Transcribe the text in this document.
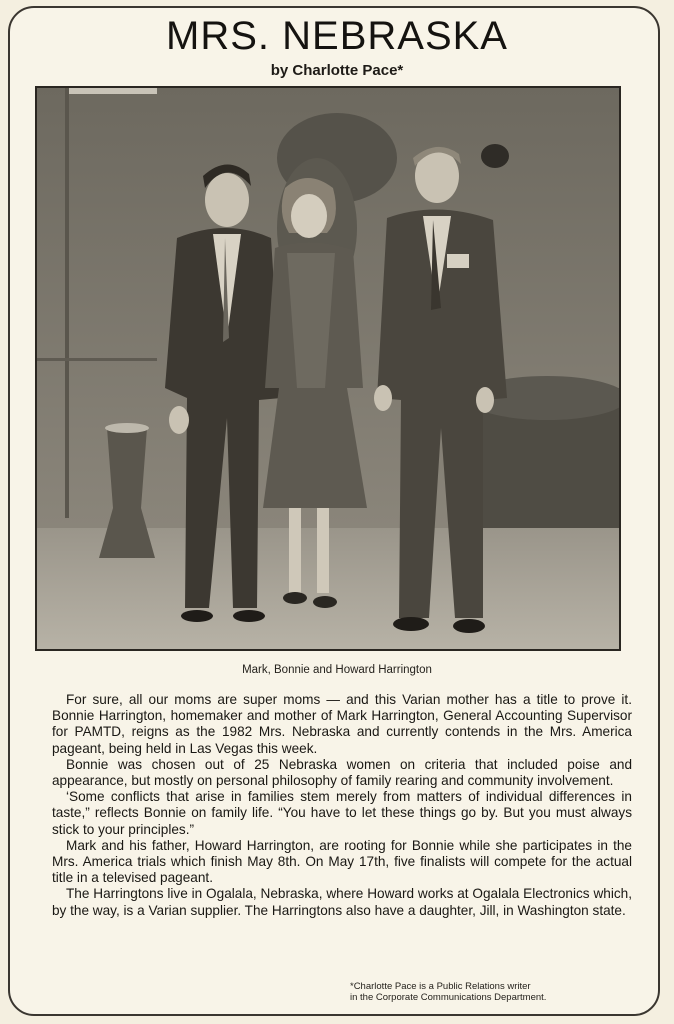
MRS. NEBRASKA
by Charlotte Pace*
Mark, Bonnie and Howard Harrington

For sure, all our moms are super moms — and this Varian mother has a title to prove it. Bonnie Harrington, homemaker and mother of Mark Harrington, General Accounting Supervisor for PAMTD, reigns as the 1982 Mrs. Nebraska and currently contends in the Mrs. America pageant, being held in Las Vegas this week.

Bonnie was chosen out of 25 Nebraska women on criteria that included poise and appearance, but mostly on personal philosophy of family rearing and community involvement.

‘Some conflicts that arise in families stem merely from matters of individual differences in taste,” reflects Bonnie on family life. “You have to let these things go by. But you must always stick to your principles.”

Mark and his father, Howard Harrington, are rooting for Bonnie while she participates in the Mrs. America trials which finish May 8th. On May 17th, five finalists will compete for the actual title in a televised pageant.

The Harringtons live in Ogalala, Nebraska, where Howard works at Ogalala Electronics which, by the way, is a Varian supplier. The Harringtons also have a daughter, Jill, in Washington state.

*Charlotte Pace is a Public Relations writer
in the Corporate Communications Department.
